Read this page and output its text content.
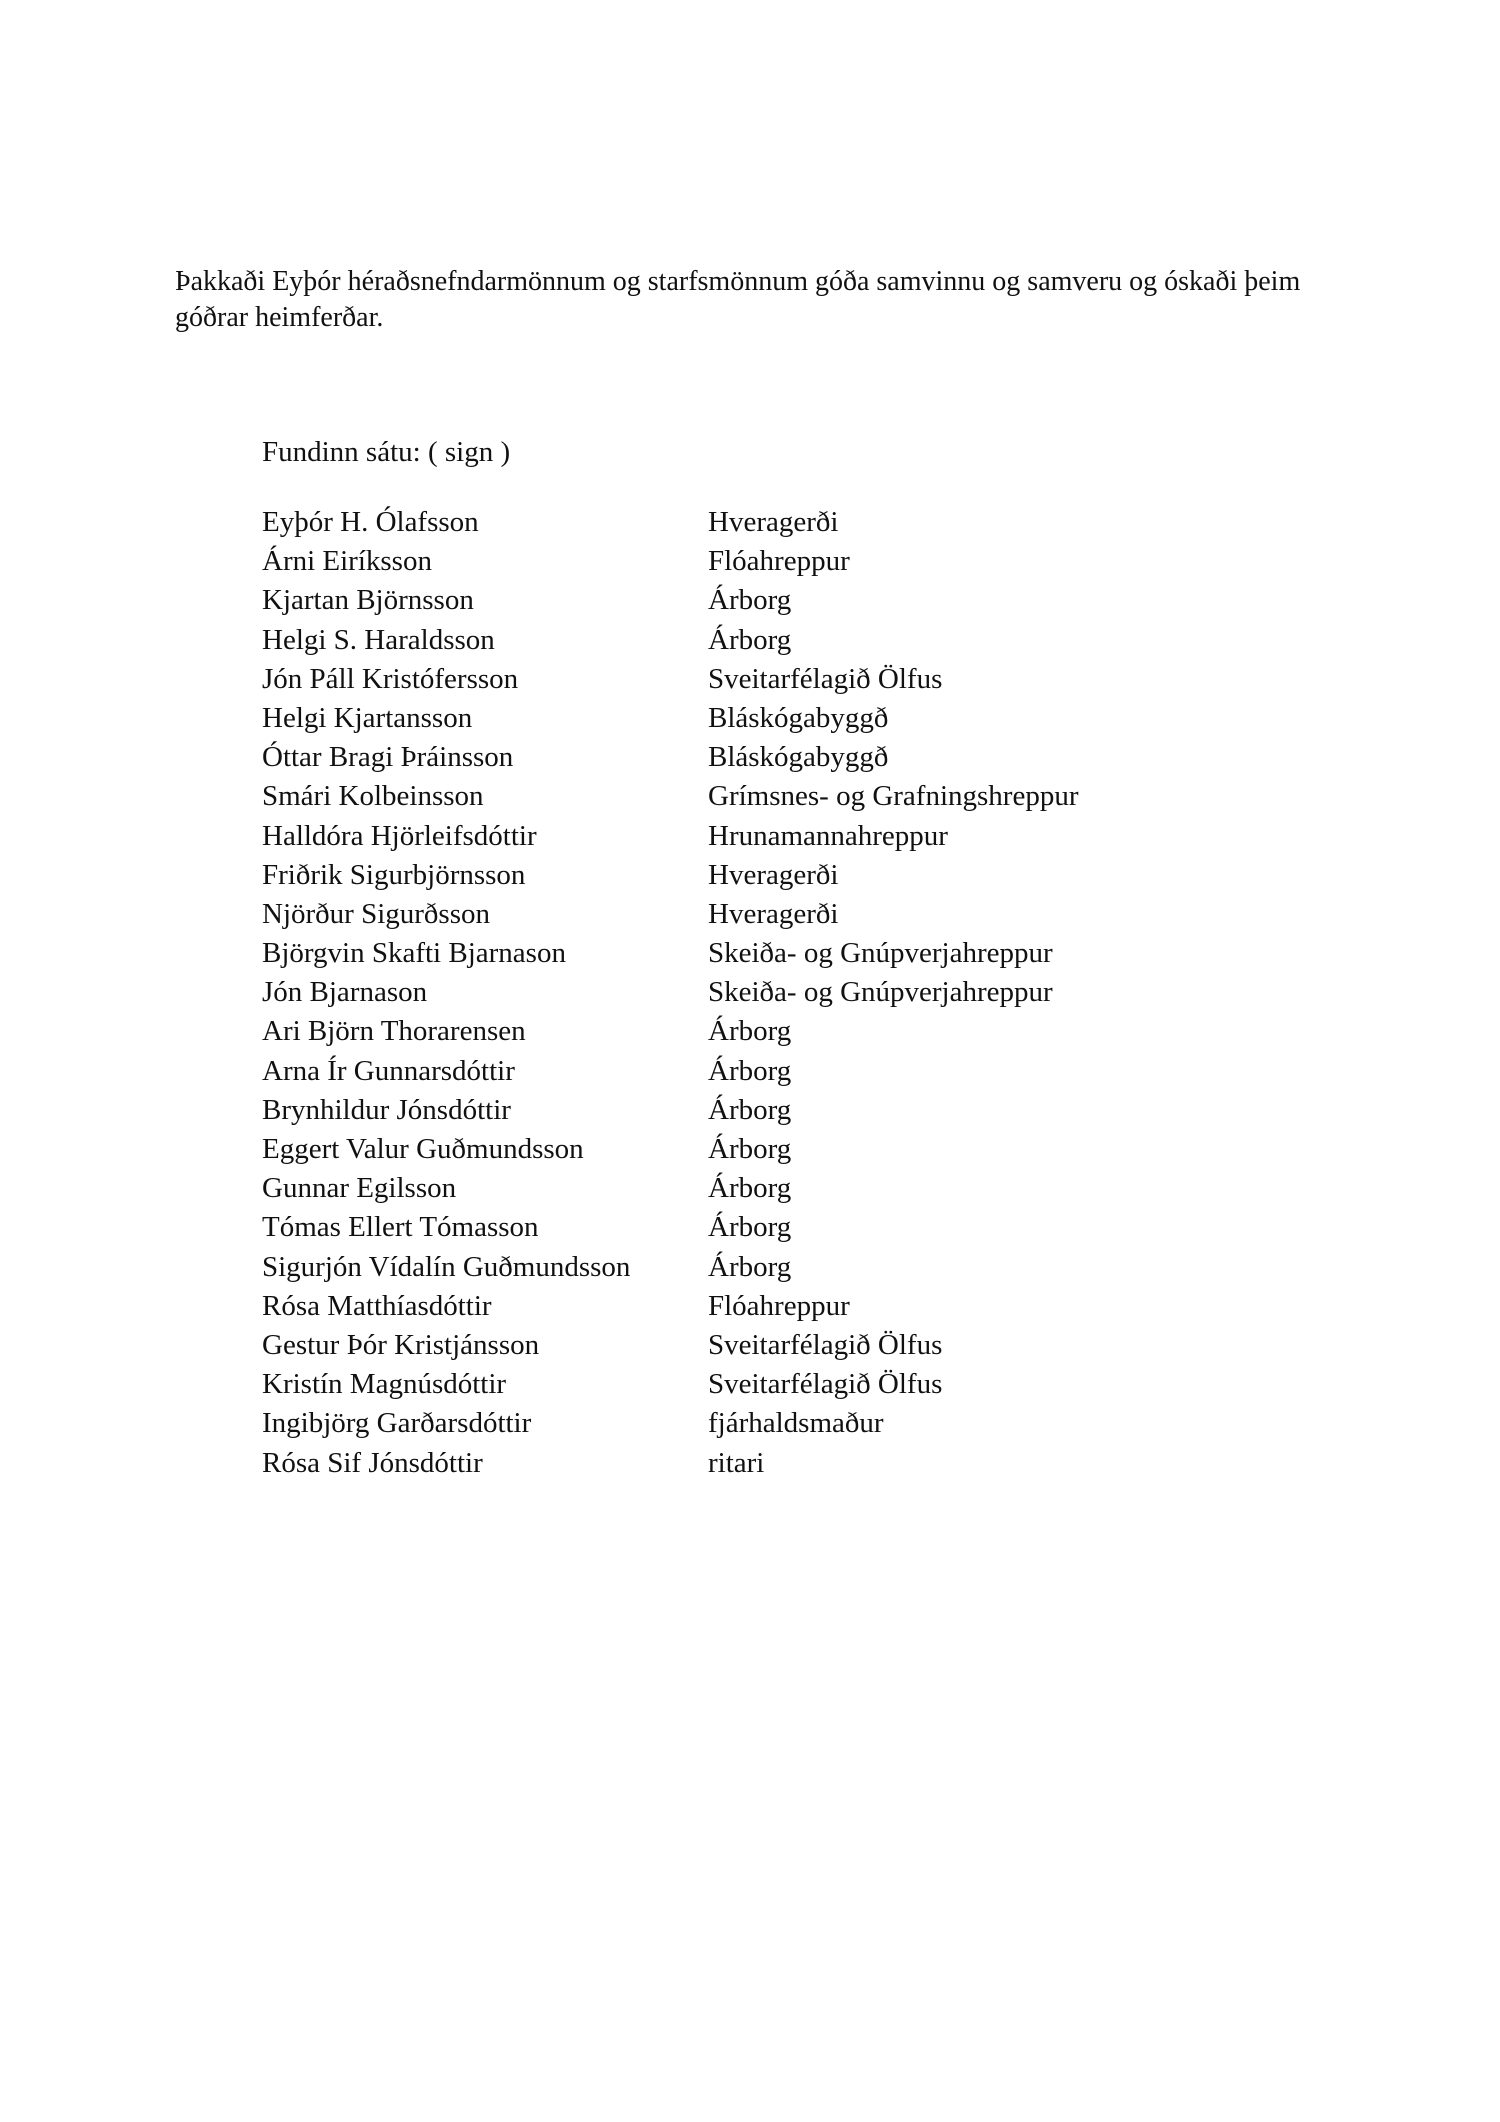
Þakkaði Eyþór héraðsnefndarmönnum og starfsmönnum góða samvinnu og samveru og óskaði þeim góðrar heimferðar.

Fundinn sátu: ( sign )

Eyþór H. Ólafsson	Hveragerði
Árni Eiríksson	Flóahreppur
Kjartan Björnsson	Árborg
Helgi S. Haraldsson	Árborg
Jón Páll Kristófersson	Sveitarfélagið Ölfus
Helgi Kjartansson	Bláskógabyggð
Óttar Bragi Þráinsson	Bláskógabyggð
Smári Kolbeinsson	Grímsnes- og Grafningshreppur
Halldóra Hjörleifsdóttir	Hrunamannahreppur
Friðrik Sigurbjörnsson	Hveragerði
Njörður Sigurðsson	Hveragerði
Björgvin Skafti Bjarnason	Skeiða- og Gnúpverjahreppur
Jón Bjarnason	Skeiða- og Gnúpverjahreppur
Ari Björn Thorarensen	Árborg
Arna Ír Gunnarsdóttir	Árborg
Brynhildur Jónsdóttir	Árborg
Eggert Valur Guðmundsson	Árborg
Gunnar Egilsson	Árborg
Tómas Ellert Tómasson	Árborg
Sigurjón Vídalín Guðmundsson	Árborg
Rósa Matthíasdóttir	Flóahreppur
Gestur Þór Kristjánsson	Sveitarfélagið Ölfus
Kristín Magnúsdóttir	Sveitarfélagið Ölfus
Ingibjörg Garðarsdóttir	fjárhaldsmaður
Rósa Sif Jónsdóttir	ritari
